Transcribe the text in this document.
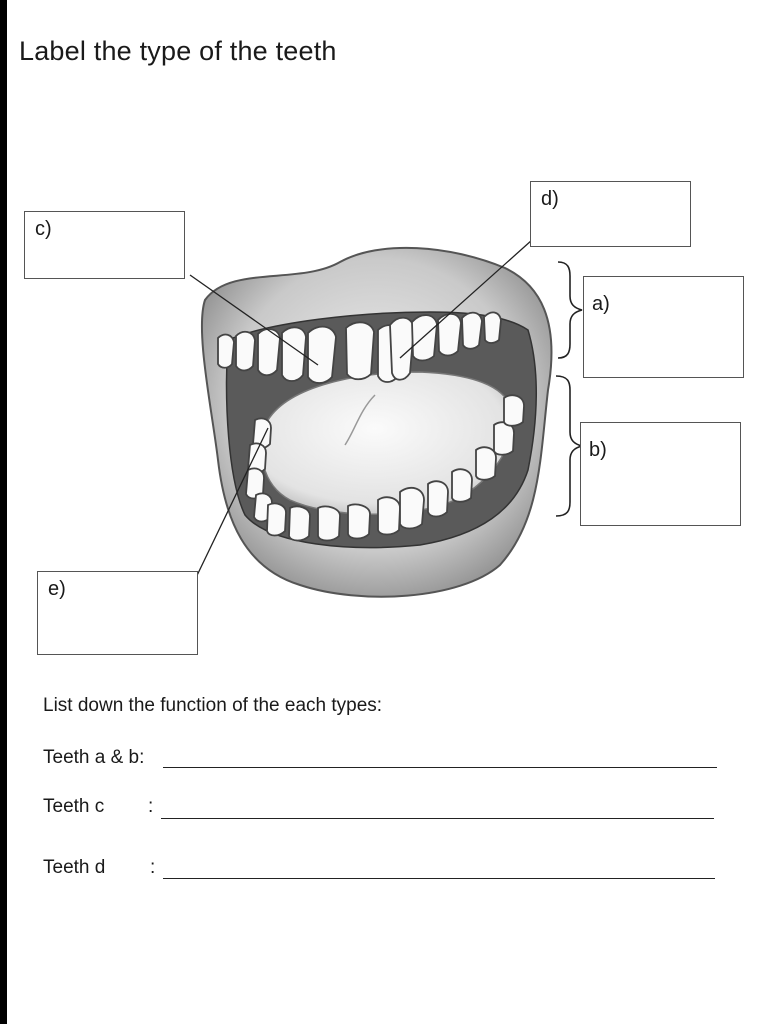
Label the type of the teeth
c)
d)
a)
b)
e)
List down the function of the each types:
Teeth a & b:
Teeth c :
Teeth d :
